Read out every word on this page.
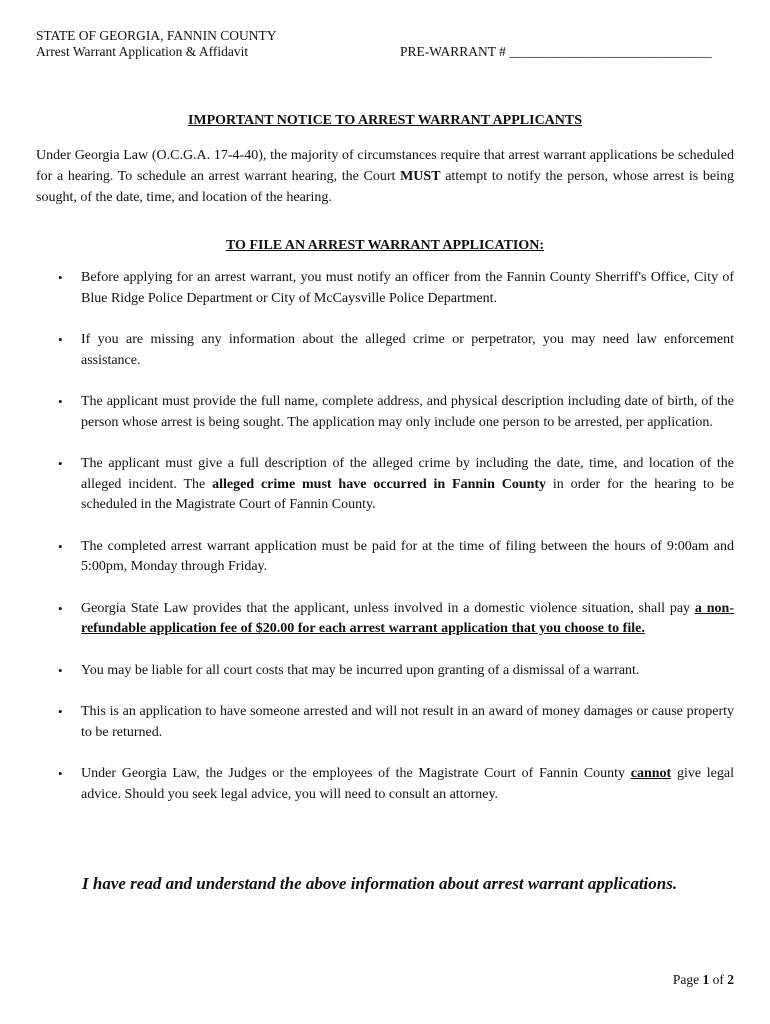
STATE OF GEORGIA, FANNIN COUNTY
Arrest Warrant Application & Affidavit	PRE-WARRANT # ______________________________
IMPORTANT NOTICE TO ARREST WARRANT APPLICANTS
Under Georgia Law (O.C.G.A. 17-4-40), the majority of circumstances require that arrest warrant applications be scheduled for a hearing. To schedule an arrest warrant hearing, the Court MUST attempt to notify the person, whose arrest is being sought, of the date, time, and location of the hearing.
TO FILE AN ARREST WARRANT APPLICATION:
• Before applying for an arrest warrant, you must notify an officer from the Fannin County Sherriff's Office, City of Blue Ridge Police Department or City of McCaysville Police Department.
• If you are missing any information about the alleged crime or perpetrator, you may need law enforcement assistance.
• The applicant must provide the full name, complete address, and physical description including date of birth, of the person whose arrest is being sought. The application may only include one person to be arrested, per application.
• The applicant must give a full description of the alleged crime by including the date, time, and location of the alleged incident. The alleged crime must have occurred in Fannin County in order for the hearing to be scheduled in the Magistrate Court of Fannin County.
• The completed arrest warrant application must be paid for at the time of filing between the hours of 9:00am and 5:00pm, Monday through Friday.
• Georgia State Law provides that the applicant, unless involved in a domestic violence situation, shall pay a non-refundable application fee of $20.00 for each arrest warrant application that you choose to file.
• You may be liable for all court costs that may be incurred upon granting of a dismissal of a warrant.
• This is an application to have someone arrested and will not result in an award of money damages or cause property to be returned.
• Under Georgia Law, the Judges or the employees of the Magistrate Court of Fannin County cannot give legal advice. Should you seek legal advice, you will need to consult an attorney.
I have read and understand the above information about arrest warrant applications.
Page 1 of 2
